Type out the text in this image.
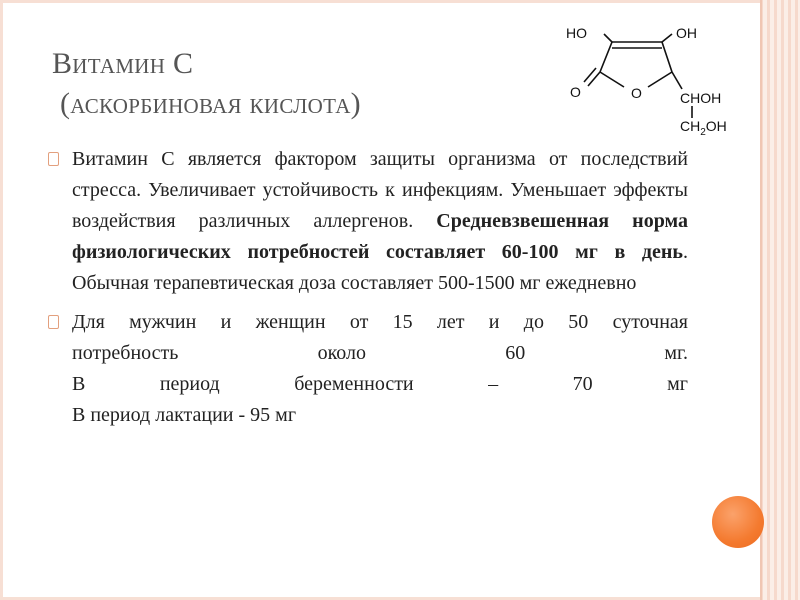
Витамин С
(аскорбиновая кислота)
HO	OH
O	O	CHOH
$CH_2OH$
Витамин С является фактором защиты организма от последствий стресса. Увеличивает устойчивость к инфекциям. Уменьшает эффекты воздействия различных аллергенов. Средневзвешенная норма физиологических потребностей составляет 60-100 мг в день. Обычная терапевтическая доза составляет 500-1500 мг ежедневно
Для мужчин и женщин от 15 лет и до 50 суточная
потребность около 60 мг.
В период беременности – 70 мг
В период лактации - 95 мг
